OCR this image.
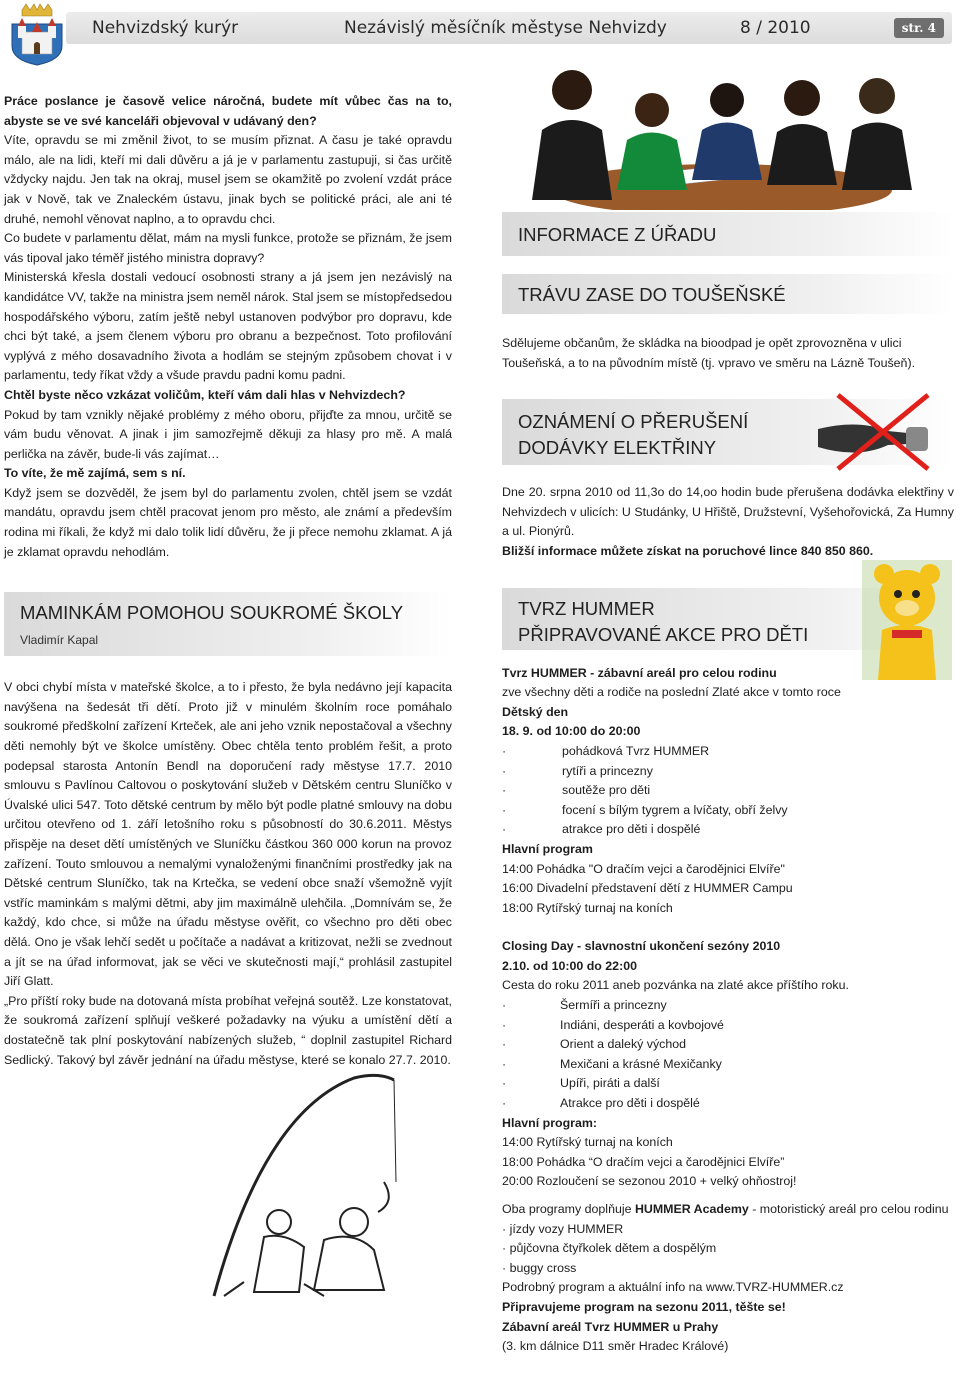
Nehvizdský kurýr	Nezávislý měsíčník městyse Nehvizdy	8 / 2010	str. 4

Práce poslance je časově velice náročná, budete mít vůbec čas na to, abyste se ve své kanceláři objevoval v udávaný den?

Víte, opravdu se mi změnil život, to se musím přiznat. A času je také opravdu málo, ale na lidi, kteří mi dali důvěru a já je v parlamentu zastupuji, si čas určitě vždycky najdu. Jen tak na okraj, musel jsem se okamžitě po zvolení vzdát práce jak v Nově, tak ve Znaleckém ústavu, jinak bych se politické práci, ale ani té druhé, nemohl věnovat naplno, a to opravdu chci.

Co budete v parlamentu dělat, mám na mysli funkce, protože se přiznám, že jsem vás tipoval jako téměř jistého ministra dopravy?

Ministerská křesla dostali vedoucí osobnosti strany a já jsem jen nezávislý na kandidátce VV, takže na ministra jsem neměl nárok. Stal jsem se místopředsedou hospodářského výboru, zatím ještě nebyl ustanoven podvýbor pro dopravu, kde chci být také, a jsem členem výboru pro obranu a bezpečnost. Toto profilování vyplývá z mého dosavadního života a hodlám se stejným způsobem chovat i v parlamentu, tedy říkat vždy a všude pravdu padni komu padni.

Chtěl byste něco vzkázat voličům, kteří vám dali hlas v Nehvizdech?

Pokud by tam vznikly nějaké problémy z mého oboru, přijďte za mnou, určitě se vám budu věnovat. A jinak i jim samozřejmě děkuji za hlasy pro mě. A malá perlička na závěr, bude-li vás zajímat…

To víte, že mě zajímá, sem s ní.

Když jsem se dozvěděl, že jsem byl do parlamentu zvolen, chtěl jsem se vzdát mandátu, opravdu jsem chtěl pracovat jenom pro město, ale známí a především rodina mi říkali, že když mi dalo tolik lidí důvěru, že ji přece nemohu zklamat. A já je zklamat opravdu nehodlám.

MAMINKÁM POMOHOU SOUKROMÉ ŠKOLY
Vladimír Kapal

V obci chybí místa v mateřské školce, a to i přesto, že byla nedávno její kapacita navýšena na šedesát tři dětí. Proto již v minulém školním roce pomáhalo soukromé předškolní zařízení Krteček, ale ani jeho vznik nepostačoval a všechny děti nemohly být ve školce umístěny. Obec chtěla tento problém řešit, a proto podepsal starosta Antonín Bendl na doporučení rady městyse 17.7. 2010 smlouvu s Pavlínou Caltovou o poskytování služeb v Dětském centru Sluníčko v Úvalské ulici 547. Toto dětské centrum by mělo být podle platné smlouvy na dobu určitou otevřeno od 1. září letošního roku s působností do 30.6.2011. Městys přispěje na deset dětí umístěných ve Sluníčku částkou 360 000 korun na provoz zařízení. Touto smlouvou a nemalými vynaloženými finančními prostředky jak na Dětské centrum Sluníčko, tak na Krtečka, se vedení obce snaží všemožně vyjít vstříc maminkám s malými dětmi, aby jim maximálně ulehčila. „Domnívám se, že každý, kdo chce, si může na úřadu městyse ověřit, co všechno pro děti obec dělá. Ono je však lehčí sedět u počítače a nadávat a kritizovat, nežli se zvednout a jít se na úřad informovat, jak se věci ve skutečnosti mají,“ prohlásil zastupitel Jiří Glatt.

„Pro příští roky bude na dotovaná místa probíhat veřejná soutěž. Lze konstatovat, že soukromá zařízení splňují veškeré požadavky na výuku a umístění dětí a dostatečně tak plní poskytování nabízených služeb, “ doplnil zastupitel Richard Sedlický. Takový byl závěr jednání na úřadu městyse, které se konalo 27.7. 2010.

INFORMACE Z ÚŘADU
TRÁVU ZASE DO TOUŠEŇSKÉ

Sdělujeme občanům, že skládka na bioodpad je opět zprovozněna v ulici Toušeňská, a to na původním místě (tj. vpravo ve směru na Lázně Toušeň).

OZNÁMENÍ O PŘERUŠENÍ
DODÁVKY ELEKTŘINY

Dne 20. srpna 2010 od 11,3o do 14,oo hodin bude přerušena dodávka elektřiny v Nehvizdech v ulicích: U Studánky, U Hřiště, Družstevní, Vyšehořovická, Za Humny a ul. Pionýrů.

Bližší informace můžete získat na poruchové lince 840 850 860.

TVRZ HUMMER
PŘIPRAVOVANÉ AKCE PRO DĚTI

Tvrz HUMMER - zábavní areál pro celou rodinu

zve všechny děti a rodiče na poslední Zlaté akce v tomto roce

Dětský den

18. 9. od 10:00 do 20:00

·	pohádková Tvrz HUMMER

·	rytíři a princezny

·	soutěže pro děti

·	focení s bílým tygrem a lvíčaty, obří želvy

·	atrakce pro děti i dospělé

Hlavní program

14:00 Pohádka "O dračím vejci a čarodějnici Elvíře"

16:00 Divadelní představení dětí z HUMMER Campu

18:00 Rytířský turnaj na koních

Closing Day - slavnostní ukončení sezóny 2010

2.10. od 10:00 do 22:00

Cesta do roku 2011 aneb pozvánka na zlaté akce příštího roku.

·	Šermíři a princezny

·	Indiáni, desperáti a kovbojové

·	Orient a daleký východ

·	Mexičani a krásné Mexičanky

·	Upíři, piráti a další

·	Atrakce pro děti i dospělé

Hlavní program:

14:00 Rytířský turnaj na koních

18:00 Pohádka “O dračím vejci a čarodějnici Elvíře”

20:00 Rozloučení se sezonou 2010 + velký ohňostroj!

Oba programy doplňuje HUMMER Academy - motoristický areál pro celou rodinu

· jízdy vozy HUMMER

· půjčovna čtyřkolek dětem a dospělým

· buggy cross

Podrobný program a aktuální info na www.TVRZ-HUMMER.cz

Připravujeme program na sezonu 2011, těšte se!

Zábavní areál Tvrz HUMMER u Prahy

(3. km dálnice D11 směr Hradec Králové)
